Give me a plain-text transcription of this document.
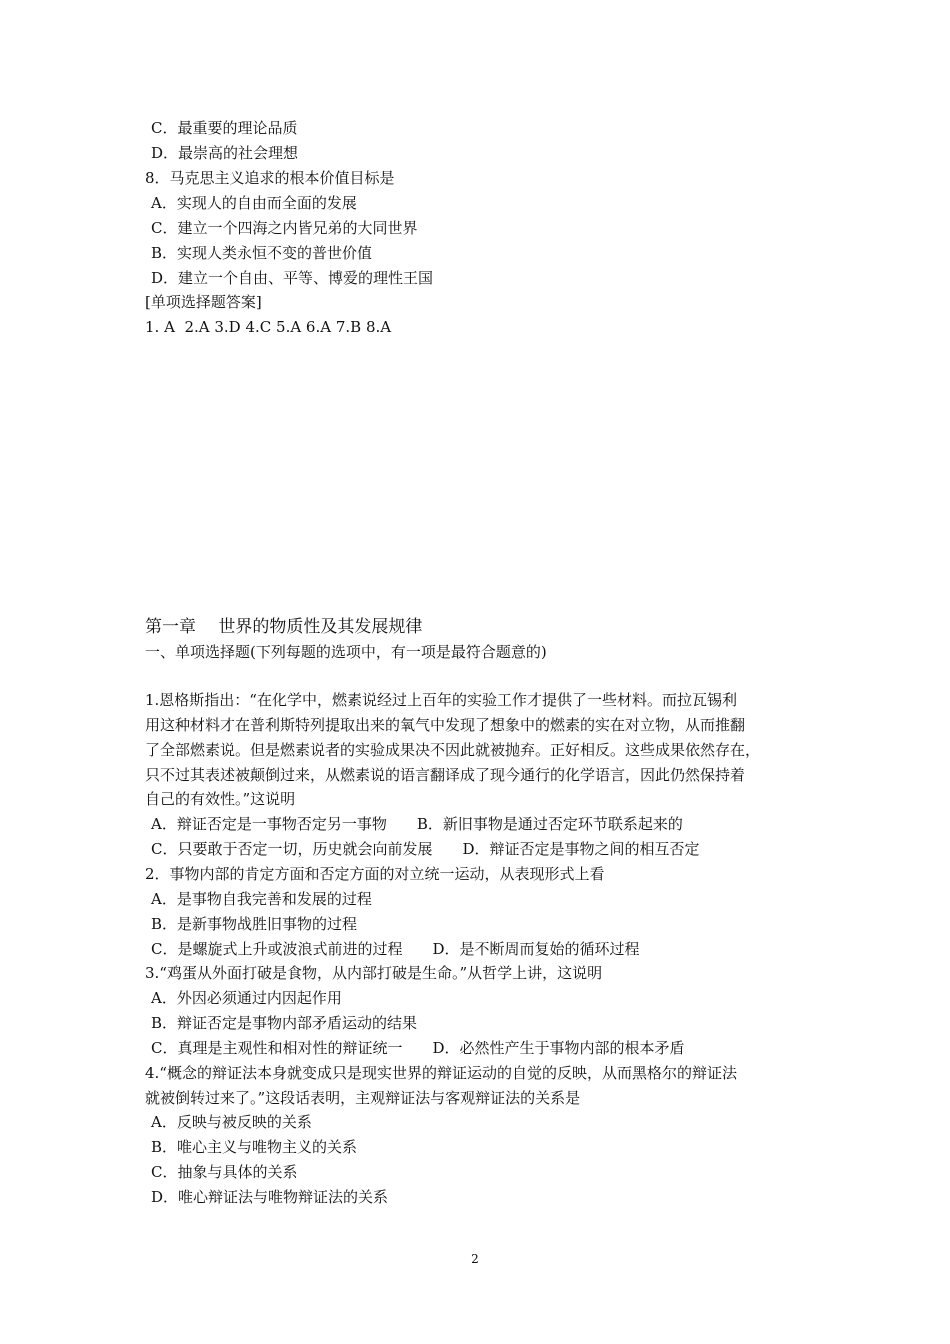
C．最重要的理论品质
D．最崇高的社会理想
8．马克思主义追求的根本价值目标是
A．实现人的自由而全面的发展
C．建立一个四海之内皆兄弟的大同世界
B．实现人类永恒不变的普世价值
D．建立一个自由、平等、博爱的理性王国
[单项选择题答案]
1. A  2.A 3.D 4.C 5.A 6.A 7.B 8.A
第一章　 世界的物质性及其发展规律
一、单项选择题(下列每题的选项中，有一项是最符合题意的)
1.恩格斯指出：“在化学中，燃素说经过上百年的实验工作才提供了一些材料。而拉瓦锡利
用这种材料才在普利斯特列提取出来的氧气中发现了想象中的燃素的实在对立物，从而推翻
了全部燃素说。但是燃素说者的实验成果决不因此就被抛弃。正好相反。这些成果依然存在，
只不过其表述被颠倒过来，从燃素说的语言翻译成了现今通行的化学语言，因此仍然保持着
自己的有效性。”这说明
A．辩证否定是一事物否定另一事物　　B．新旧事物是通过否定环节联系起来的
C．只要敢于否定一切，历史就会向前发展　　D．辩证否定是事物之间的相互否定
2．事物内部的肯定方面和否定方面的对立统一运动，从表现形式上看
A．是事物自我完善和发展的过程
B．是新事物战胜旧事物的过程
C．是螺旋式上升或波浪式前进的过程　　D．是不断周而复始的循环过程
3.“鸡蛋从外面打破是食物，从内部打破是生命。”从哲学上讲，这说明
A．外因必须通过内因起作用
B．辩证否定是事物内部矛盾运动的结果
C．真理是主观性和相对性的辩证统一　　D．必然性产生于事物内部的根本矛盾
4.“概念的辩证法本身就变成只是现实世界的辩证运动的自觉的反映，从而黑格尔的辩证法
就被倒转过来了。”这段话表明，主观辩证法与客观辩证法的关系是
A．反映与被反映的关系
B．唯心主义与唯物主义的关系
C．抽象与具体的关系
D．唯心辩证法与唯物辩证法的关系
2
